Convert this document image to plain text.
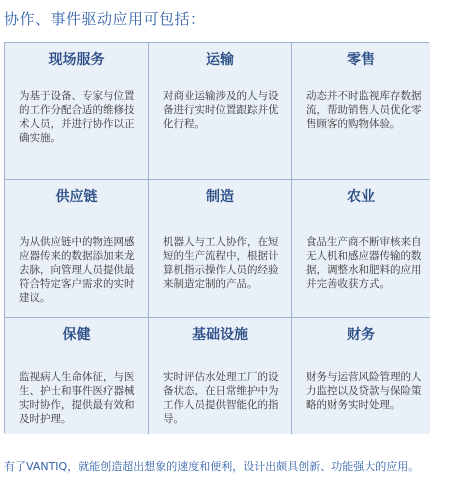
协作、事件驱动应用可包括：
现场服务
为基于设备、专家与位置的工作分配合适的维修技术人员，并进行协作以正确实施。
运输
对商业运输涉及的人与设备进行实时位置跟踪并优化行程。
零售
动态并不时监视库存数据流，帮助销售人员优化零售顾客的购物体验。
供应链
为从供应链中的物连网感应器传来的数据添加来龙去脉，向管理人员提供最符合特定客户需求的实时建议。
制造
机器人与工人协作，在短短的生产流程中，根据计算机指示操作人员的经验来制造定制的产品。
农业
食品生产商不断审核来自无人机和感应器传输的数据，调整水和肥料的应用并完善收获方式。
保健
监视病人生命体征，与医生、护士和事件医疗器械实时协作，提供最有效和及时护理。
基础设施
实时评估水处理工厂的设备状态，在日常维护中为工作人员提供智能化的指导。
财务
财务与运营风险管理的人力监控以及贷款与保险策略的财务实时处理。
有了VANTIQ，就能创造超出想象的速度和便利，设计出颇具创新、功能强大的应用。
